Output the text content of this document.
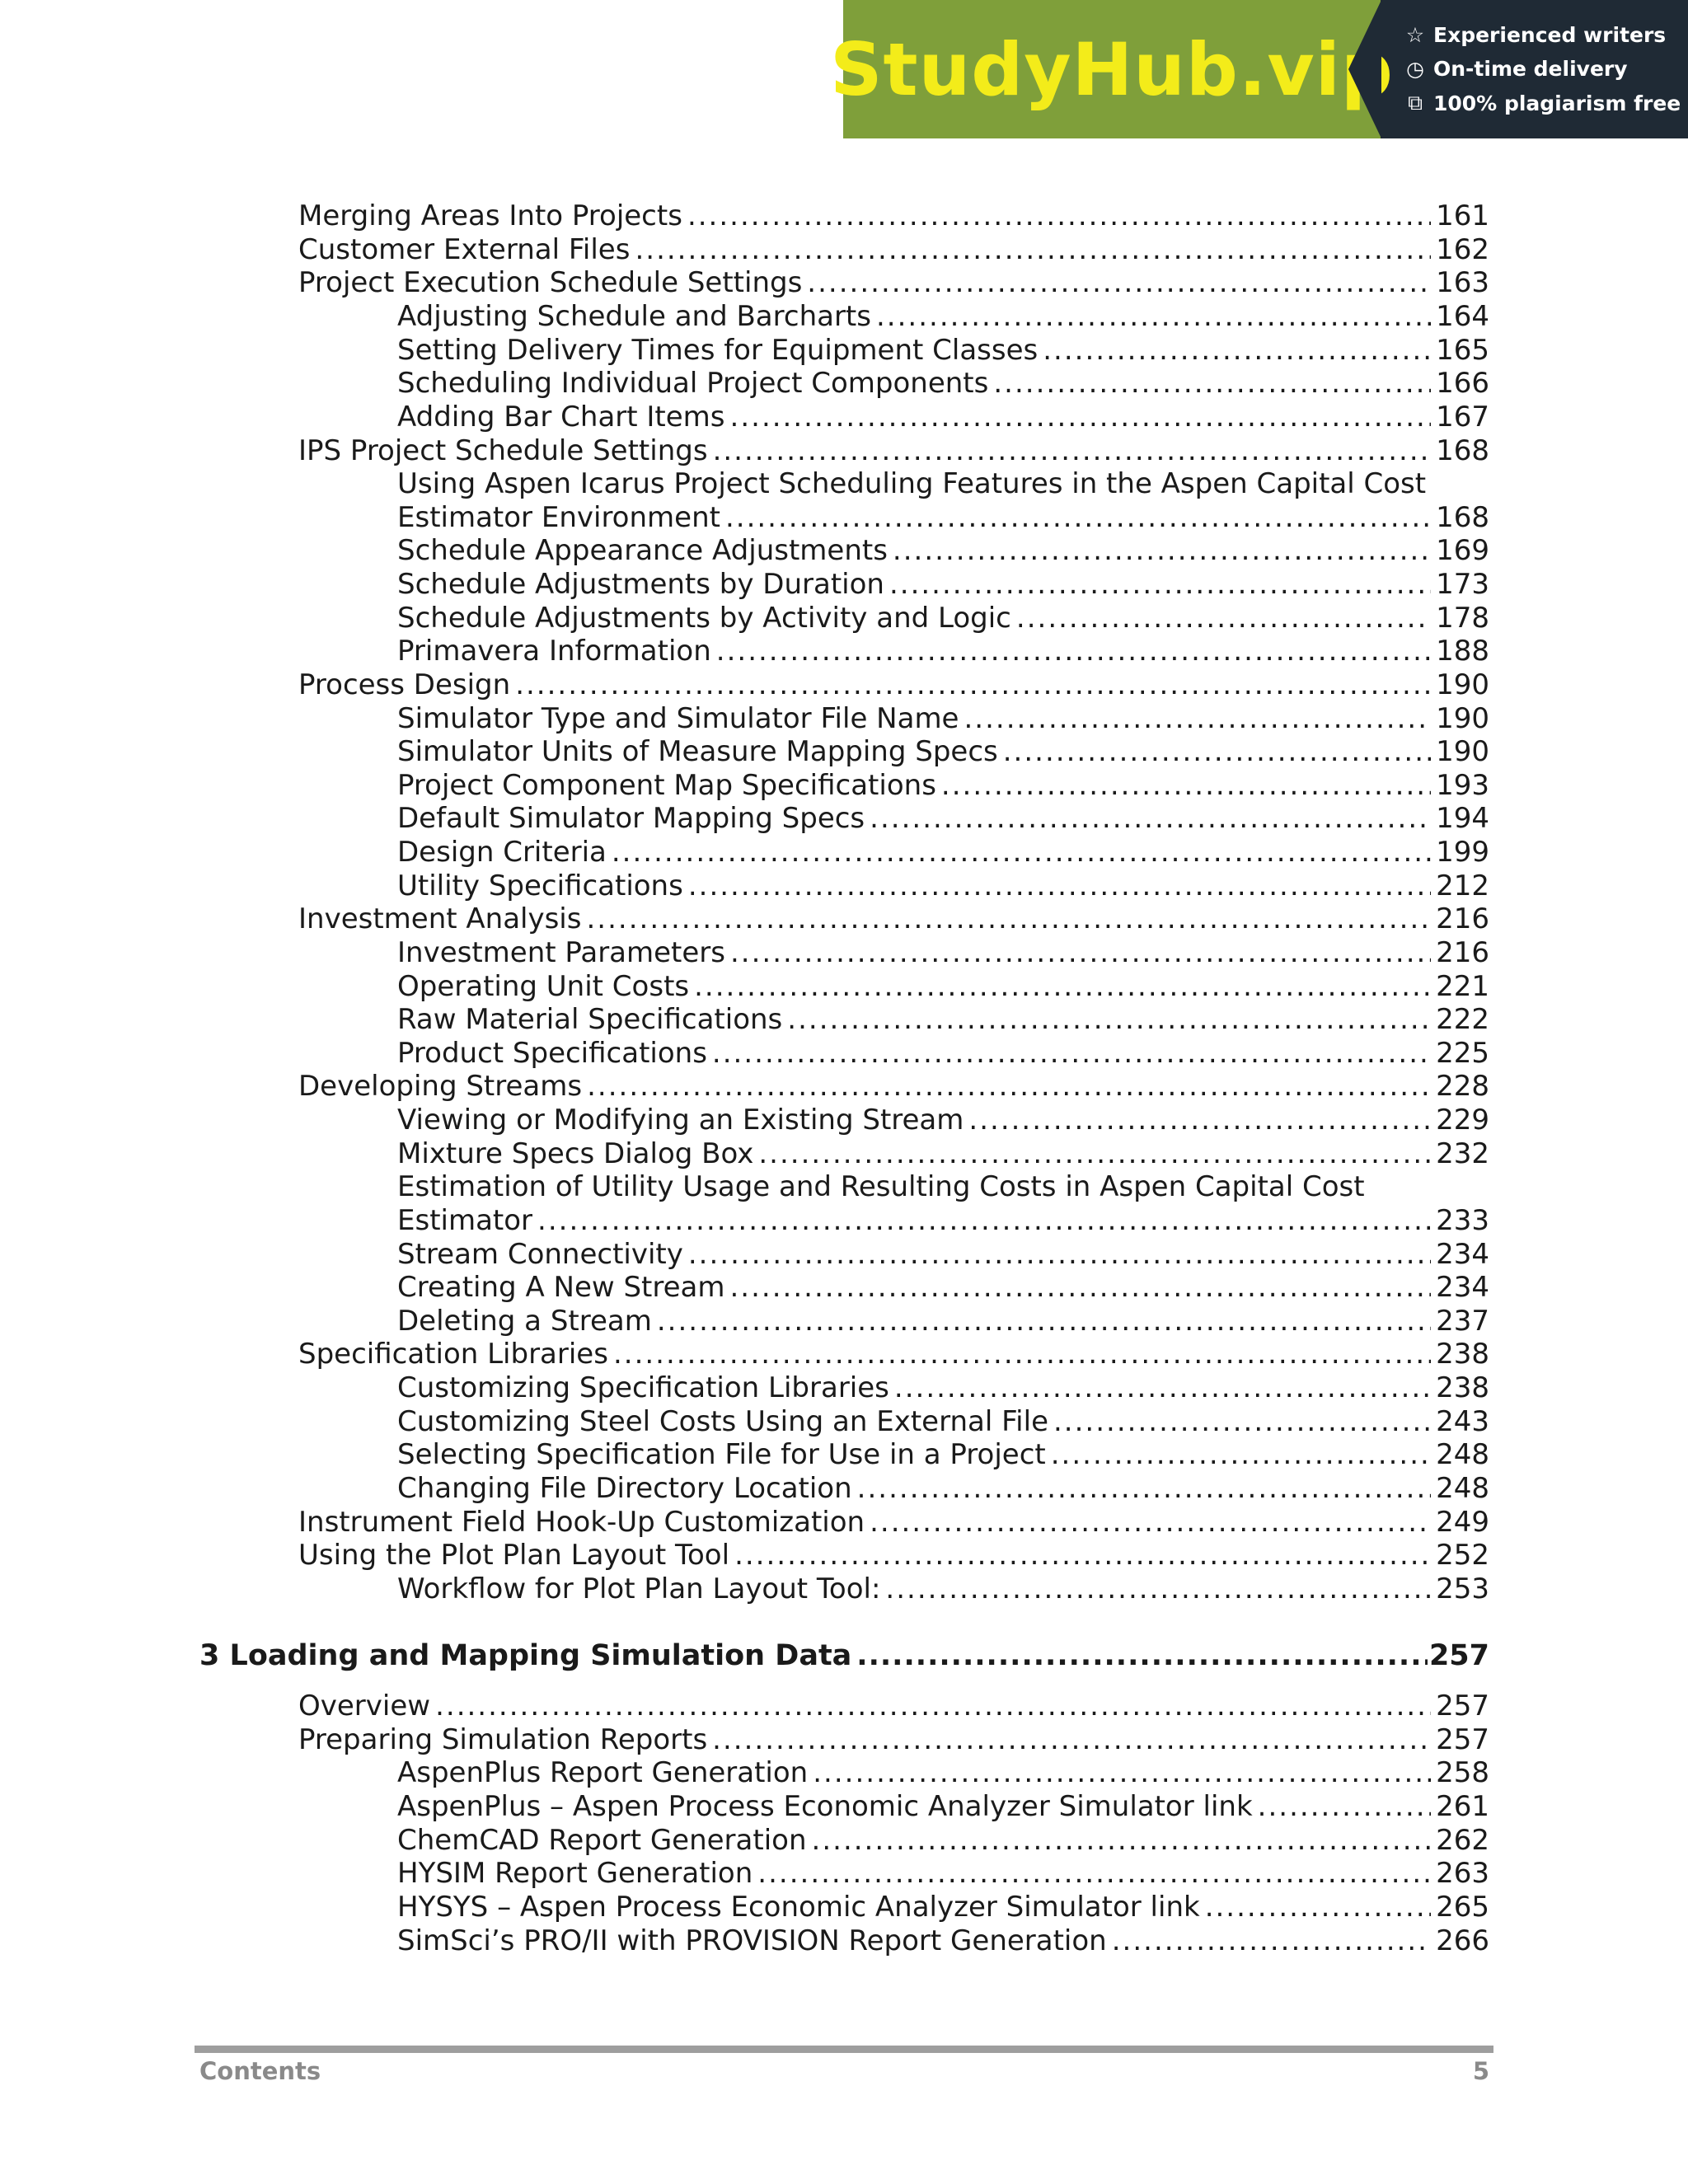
StudyHub.vip ☆ Experienced writers
◷ On-time delivery
⧉ 100% plagiarism free
Merging Areas Into Projects .....	161
Customer External Files .....	162
Project Execution Schedule Settings .....	163
Adjusting Schedule and Barcharts .....	164
Setting Delivery Times for Equipment Classes .....	165
Scheduling Individual Project Components .....	166
Adding Bar Chart Items .....	167
IPS Project Schedule Settings .....	168
Using Aspen Icarus Project Scheduling Features in the Aspen Capital Cost
Estimator Environment .....	168
Schedule Appearance Adjustments .....	169
Schedule Adjustments by Duration .....	173
Schedule Adjustments by Activity and Logic .....	178
Primavera Information .....	188
Process Design .....	190
Simulator Type and Simulator File Name .....	190
Simulator Units of Measure Mapping Specs .....	190
Project Component Map Specifications .....	193
Default Simulator Mapping Specs .....	194
Design Criteria .....	199
Utility Specifications .....	212
Investment Analysis .....	216
Investment Parameters .....	216
Operating Unit Costs .....	221
Raw Material Specifications .....	222
Product Specifications .....	225
Developing Streams .....	228
Viewing or Modifying an Existing Stream .....	229
Mixture Specs Dialog Box .....	232
Estimation of Utility Usage and Resulting Costs in Aspen Capital Cost
Estimator .....	233
Stream Connectivity .....	234
Creating A New Stream .....	234
Deleting a Stream .....	237
Specification Libraries .....	238
Customizing Specification Libraries .....	238
Customizing Steel Costs Using an External File .....	243
Selecting Specification File for Use in a Project .....	248
Changing File Directory Location .....	248
Instrument Field Hook-Up Customization .....	249
Using the Plot Plan Layout Tool .....	252
Workflow for Plot Plan Layout Tool: .....	253
3 Loading and Mapping Simulation Data .....	257
Overview .....	257
Preparing Simulation Reports .....	257
AspenPlus Report Generation .....	258
AspenPlus – Aspen Process Economic Analyzer Simulator link .....	261
ChemCAD Report Generation .....	262
HYSIM Report Generation .....	263
HYSYS – Aspen Process Economic Analyzer Simulator link .....	265
SimSci’s PRO/II with PROVISION Report Generation .....	266
Contents	5
